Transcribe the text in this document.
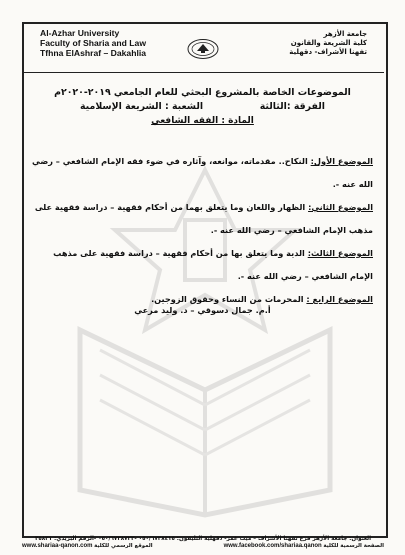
Al-Azhar University
Faculty of Sharia and Law
Tfhna ElAshraf – Dakahlia
جامعة الأزهر
كلية الشريعة والقانون
تفهنا الأشراف- دقهلية
الموضوعات الخاصة بالمشروع البحثي للعام الجامعي ٢٠١٩-٢٠٢٠م
الفرقة :الثالثة
الشعبة : الشريعة الإسلامية
المادة : الفقه الشافعي

الموضوع الأول: النكاح.. مقدماته، موانعه، وآثاره في ضوء فقه الإمام الشافعي – رضي الله عنه -.

الموضوع الثاني: الظهار واللعان وما يتعلق بهما من أحكام فقهية – دراسة فقهية على مذهب الإمام الشافعي – رضي الله عنه -.

الموضوع الثالث: الدية وما يتعلق بها من أحكام فقهية – دراسة فقهية على مذهب الإمام الشافعي – رضي الله عنه -.

الموضوع الرابع : المحرمات من النساء وحقوق الزوجين.

أ.م. جمال دسوقي – د. وليد مرعي
العنوان: جامعة الأزهر فرع تفهنا الأشراف – ميت غمر- دقهلية التليفون: ٠٥٠/٦٧٣٨٤١٥ -٠٥٠/٦٧٣٨٧٢٢ -الرقم البريدي: ٣٥٨٢١
www.shariaa-qanon.com الموقع الرسمي للكلية	www.facebook.com/shariaa.qanon الصفحة الرسمية للكلية
